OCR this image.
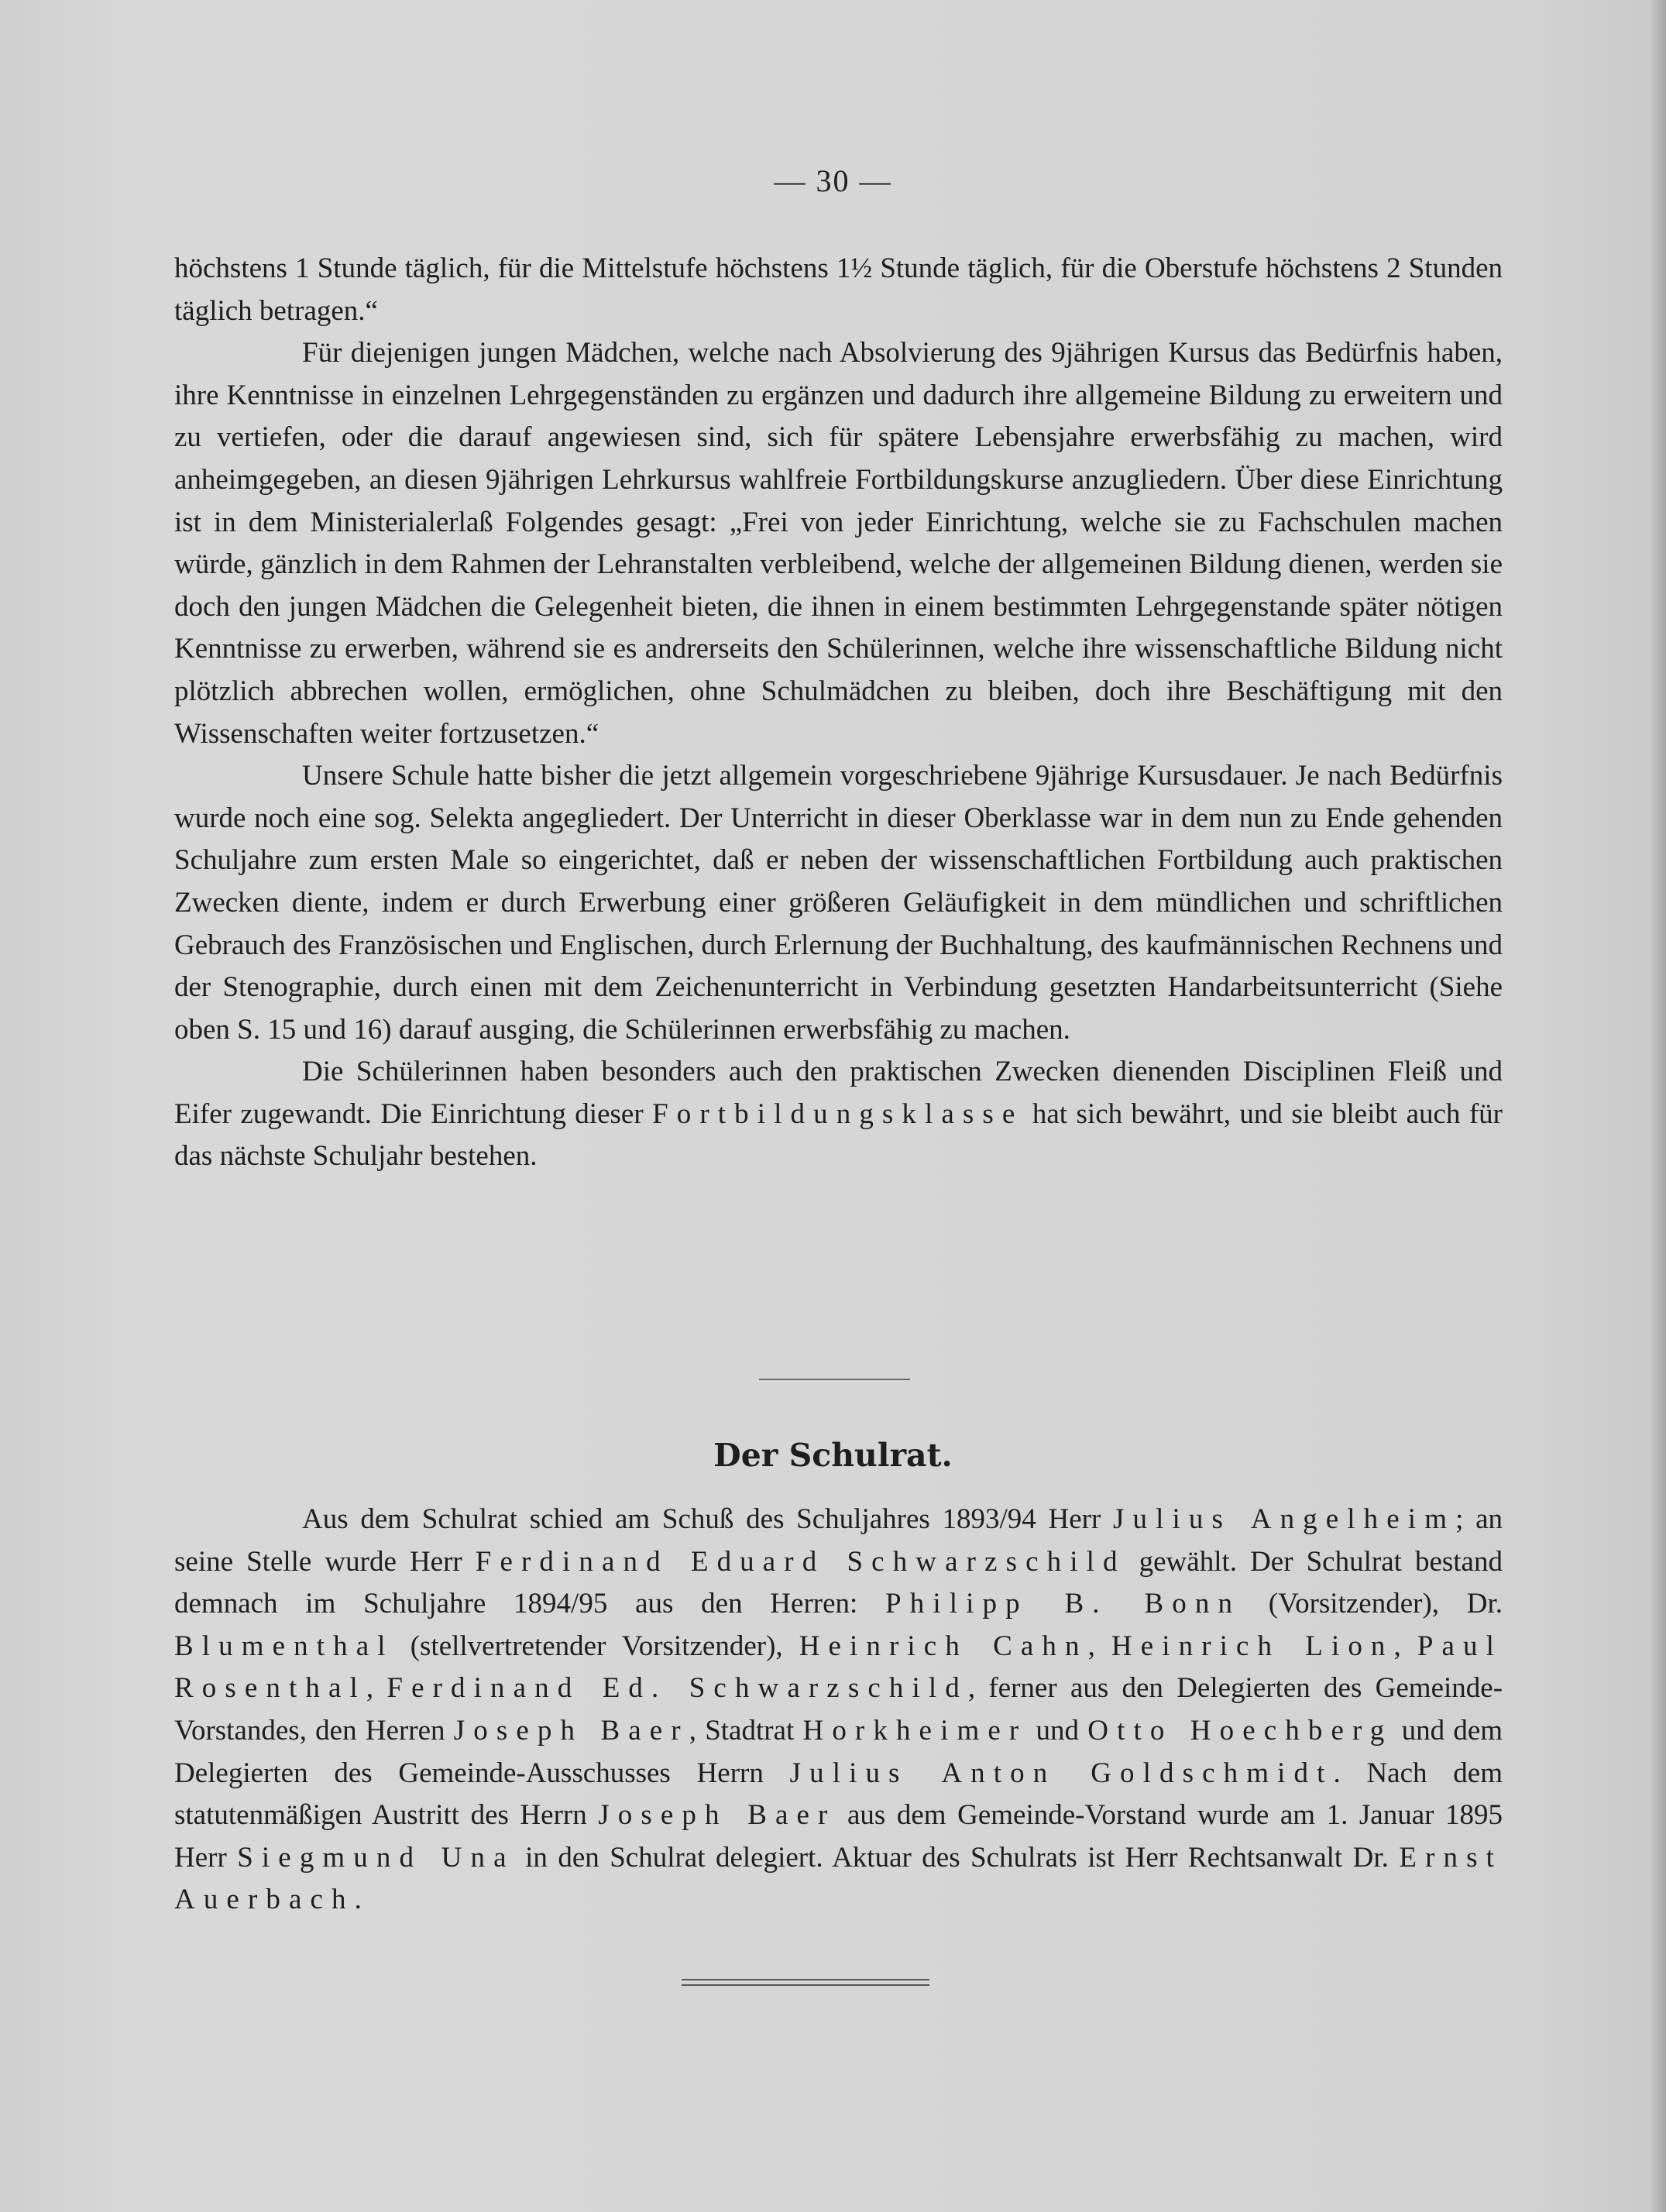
— 30 —

höchstens 1 Stunde täglich, für die Mittelstufe höchstens 1½ Stunde täglich, für die Oberstufe höchstens 2 Stunden täglich betragen.“

Für diejenigen jungen Mädchen, welche nach Absolvierung des 9jährigen Kursus das Bedürfnis haben, ihre Kenntnisse in einzelnen Lehrgegenständen zu ergänzen und dadurch ihre allgemeine Bildung zu erweitern und zu vertiefen, oder die darauf angewiesen sind, sich für spätere Lebensjahre erwerbsfähig zu machen, wird anheimgegeben, an diesen 9jährigen Lehrkursus wahlfreie Fortbildungskurse anzugliedern. Über diese Einrichtung ist in dem Ministerialerlaß Folgendes gesagt: „Frei von jeder Einrichtung, welche sie zu Fachschulen machen würde, gänzlich in dem Rahmen der Lehranstalten verbleibend, welche der allgemeinen Bildung dienen, werden sie doch den jungen Mädchen die Gelegenheit bieten, die ihnen in einem bestimmten Lehrgegenstande später nötigen Kenntnisse zu erwerben, während sie es andrerseits den Schülerinnen, welche ihre wissenschaftliche Bildung nicht plötzlich abbrechen wollen, ermöglichen, ohne Schulmädchen zu bleiben, doch ihre Beschäftigung mit den Wissenschaften weiter fortzusetzen.“

Unsere Schule hatte bisher die jetzt allgemein vorgeschriebene 9jährige Kursusdauer. Je nach Bedürfnis wurde noch eine sog. Selekta angegliedert. Der Unterricht in dieser Oberklasse war in dem nun zu Ende gehenden Schuljahre zum ersten Male so eingerichtet, daß er neben der wissenschaftlichen Fortbildung auch praktischen Zwecken diente, indem er durch Erwerbung einer größeren Geläufigkeit in dem mündlichen und schriftlichen Gebrauch des Französischen und Englischen, durch Erlernung der Buchhaltung, des kaufmännischen Rechnens und der Stenographie, durch einen mit dem Zeichenunterricht in Verbindung gesetzten Handarbeitsunterricht (Siehe oben S. 15 und 16) darauf ausging, die Schülerinnen erwerbsfähig zu machen.

Die Schülerinnen haben besonders auch den praktischen Zwecken dienenden Disciplinen Fleiß und Eifer zugewandt. Die Einrichtung dieser Fortbildungsklasse hat sich bewährt, und sie bleibt auch für das nächste Schuljahr bestehen.

Der Schulrat.

Aus dem Schulrat schied am Schuß des Schuljahres 1893/94 Herr Julius Angelheim; an seine Stelle wurde Herr Ferdinand Eduard Schwarzschild gewählt. Der Schulrat bestand demnach im Schuljahre 1894/95 aus den Herren: Philipp B. Bonn (Vorsitzender), Dr. Blumenthal (stellvertretender Vorsitzender), Heinrich Cahn, Heinrich Lion, Paul Rosenthal, Ferdinand Ed. Schwarzschild, ferner aus den Delegierten des Gemeinde-Vorstandes, den Herren Joseph Baer, Stadtrat Horkheimer und Otto Hoechberg und dem Delegierten des Gemeinde-Ausschusses Herrn Julius Anton Goldschmidt. Nach dem statutenmäßigen Austritt des Herrn Joseph Baer aus dem Gemeinde-Vorstand wurde am 1. Januar 1895 Herr Siegmund Una in den Schulrat delegiert. Aktuar des Schulrats ist Herr Rechtsanwalt Dr. Ernst Auerbach.
